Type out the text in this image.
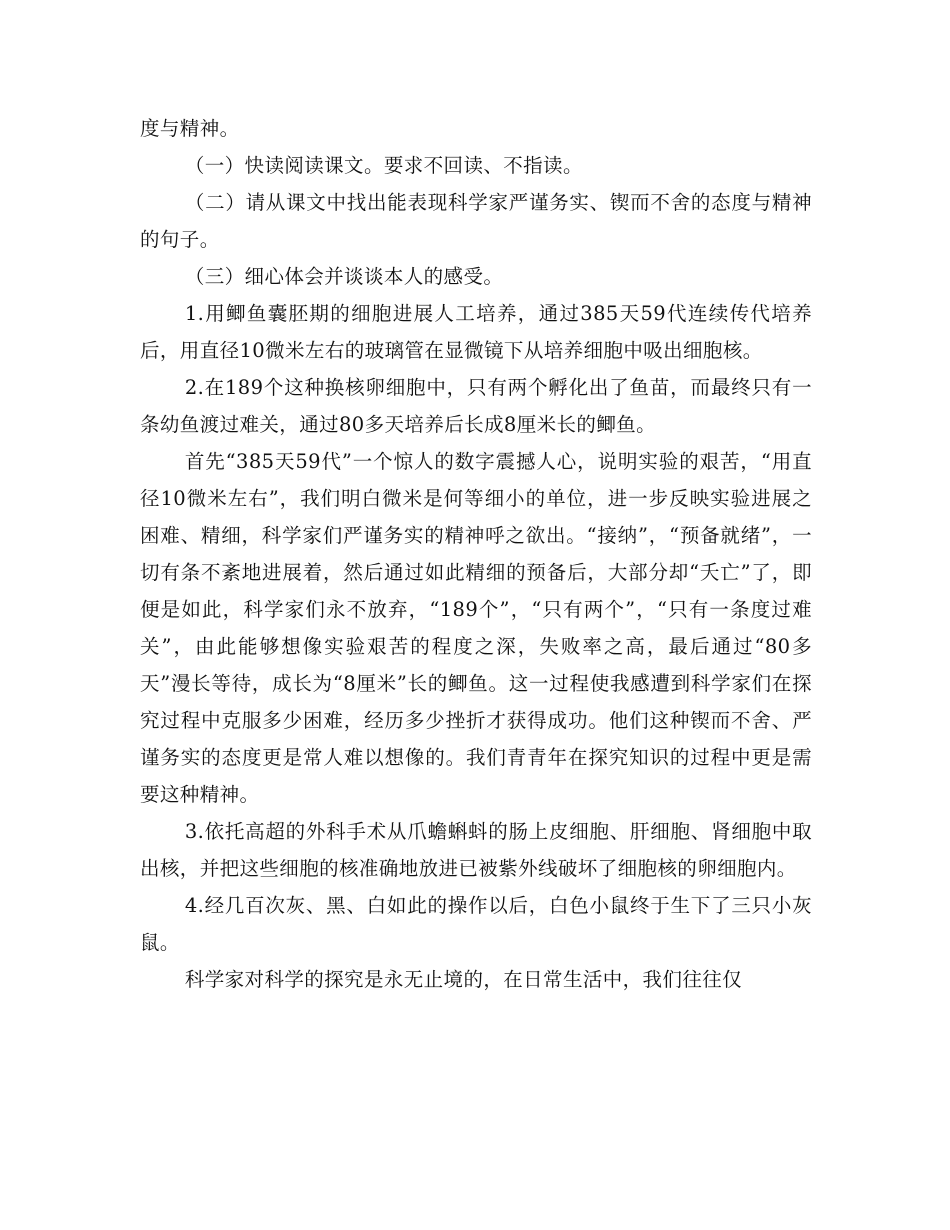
度与精神。

（一）快读阅读课文。要求不回读、不指读。

（二）请从课文中找出能表现科学家严谨务实、锲而不舍的态度与精神的句子。

（三）细心体会并谈谈本人的感受。

1.用鲫鱼囊胚期的细胞进展人工培养，通过385天59代连续传代培养后，用直径10微米左右的玻璃管在显微镜下从培养细胞中吸出细胞核。

2.在189个这种换核卵细胞中，只有两个孵化出了鱼苗，而最终只有一条幼鱼渡过难关，通过80多天培养后长成8厘米长的鲫鱼。

首先“385天59代”一个惊人的数字震撼人心，说明实验的艰苦，“用直径10微米左右”，我们明白微米是何等细小的单位，进一步反映实验进展之困难、精细，科学家们严谨务实的精神呼之欲出。“接纳”，“预备就绪”，一切有条不紊地进展着，然后通过如此精细的预备后，大部分却“夭亡”了，即便是如此，科学家们永不放弃，“189个”，“只有两个”，“只有一条度过难关”，由此能够想像实验艰苦的程度之深，失败率之高，最后通过“80多天”漫长等待，成长为“8厘米”长的鲫鱼。这一过程使我感遭到科学家们在探究过程中克服多少困难，经历多少挫折才获得成功。他们这种锲而不舍、严谨务实的态度更是常人难以想像的。我们青青年在探究知识的过程中更是需要这种精神。

3.依托高超的外科手术从爪蟾蝌蚪的肠上皮细胞、肝细胞、肾细胞中取出核，并把这些细胞的核准确地放进已被紫外线破坏了细胞核的卵细胞内。

4.经几百次灰、黑、白如此的操作以后，白色小鼠终于生下了三只小灰鼠。

科学家对科学的探究是永无止境的，在日常生活中，我们往往仅
